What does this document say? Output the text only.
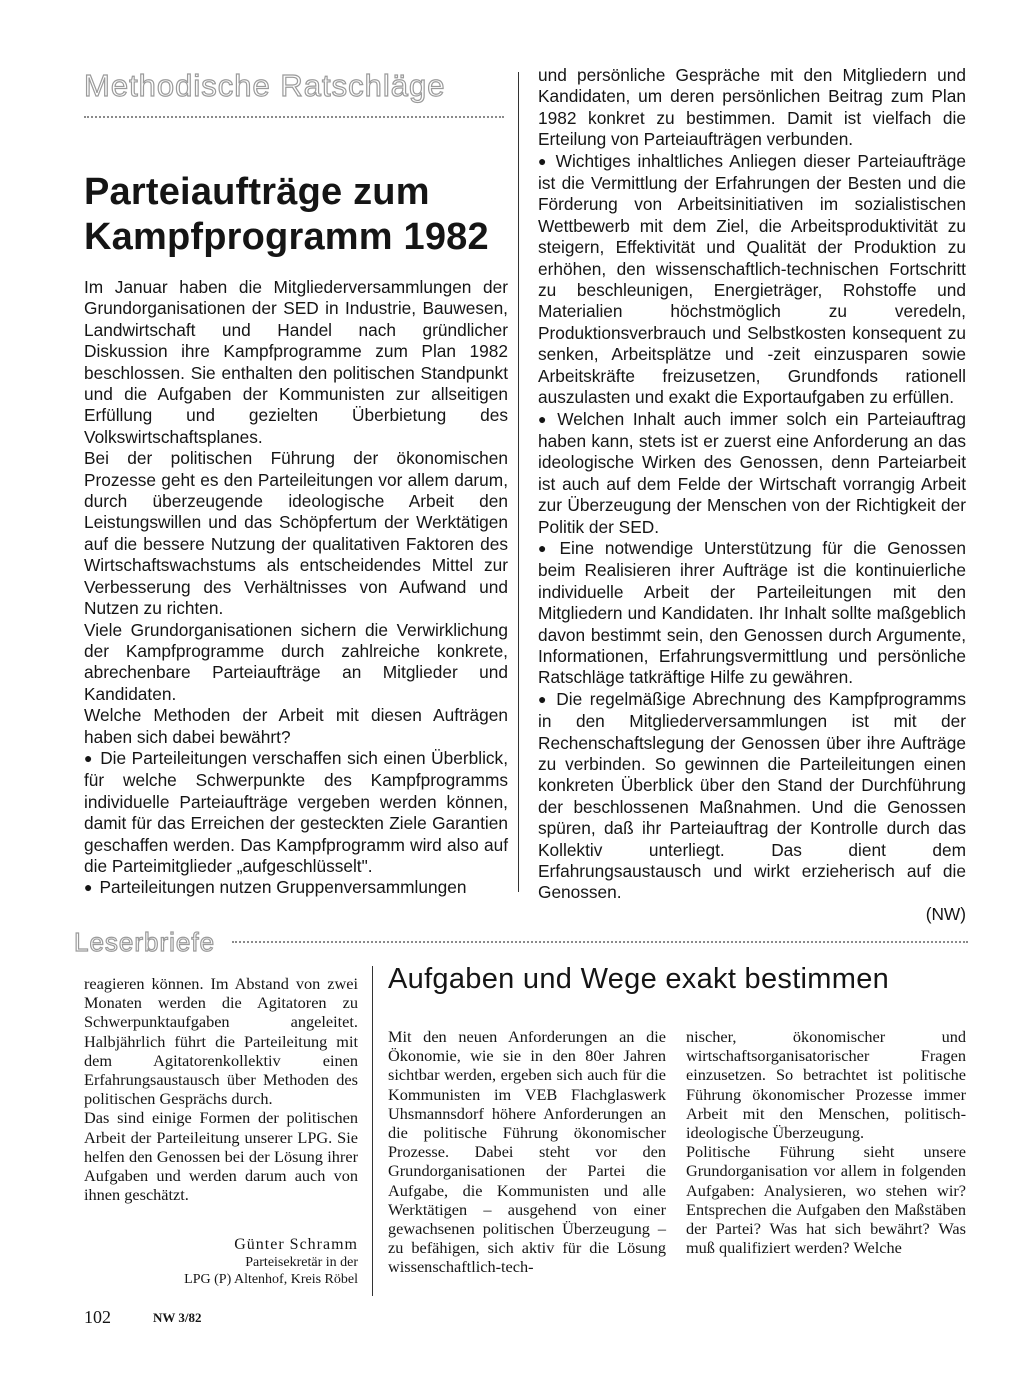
Methodische Ratschläge
Parteiaufträge zum
Kampfprogramm 1982

Im Januar haben die Mitgliederversammlungen der Grundorganisationen der SED in Industrie, Bauwesen, Landwirtschaft und Handel nach gründlicher Diskussion ihre Kampfprogramme zum Plan 1982 beschlossen. Sie enthalten den politischen Standpunkt und die Aufgaben der Kommunisten zur allseitigen Erfüllung und gezielten Überbietung des Volkswirtschaftsplanes.

Bei der politischen Führung der ökonomischen Prozesse geht es den Parteileitungen vor allem darum, durch überzeugende ideologische Arbeit den Leistungswillen und das Schöpfertum der Werktätigen auf die bessere Nutzung der qualitativen Faktoren des Wirtschaftswachstums als entscheidendes Mittel zur Verbesserung des Verhältnisses von Aufwand und Nutzen zu richten.

Viele Grundorganisationen sichern die Verwirklichung der Kampfprogramme durch zahlreiche konkrete, abrechenbare Parteiaufträge an Mitglieder und Kandidaten.

Welche Methoden der Arbeit mit diesen Aufträgen haben sich dabei bewährt?

● Die Parteileitungen verschaffen sich einen Überblick, für welche Schwerpunkte des Kampfprogramms individuelle Parteiaufträge vergeben werden können, damit für das Erreichen der gesteckten Ziele Garantien geschaffen werden. Das Kampfprogramm wird also auf die Parteimitglieder „aufgeschlüsselt".

● Parteileitungen nutzen Gruppenversammlungen

und persönliche Gespräche mit den Mitgliedern und Kandidaten, um deren persönlichen Beitrag zum Plan 1982 konkret zu bestimmen. Damit ist vielfach die Erteilung von Parteiaufträgen verbunden.

● Wichtiges inhaltliches Anliegen dieser Parteiaufträge ist die Vermittlung der Erfahrungen der Besten und die Förderung von Arbeitsinitiativen im sozialistischen Wettbewerb mit dem Ziel, die Arbeitsproduktivität zu steigern, Effektivität und Qualität der Produktion zu erhöhen, den wissenschaftlich-technischen Fortschritt zu beschleunigen, Energieträger, Rohstoffe und Materialien höchstmöglich zu veredeln, Produktionsverbrauch und Selbstkosten konsequent zu senken, Arbeitsplätze und -zeit einzusparen sowie Arbeitskräfte freizusetzen, Grundfonds rationell auszulasten und exakt die Exportaufgaben zu erfüllen.

● Welchen Inhalt auch immer solch ein Parteiauftrag haben kann, stets ist er zuerst eine Anforderung an das ideologische Wirken des Genossen, denn Parteiarbeit ist auch auf dem Felde der Wirtschaft vorrangig Arbeit zur Überzeugung der Menschen von der Richtigkeit der Politik der SED.

● Eine notwendige Unterstützung für die Genossen beim Realisieren ihrer Aufträge ist die kontinuierliche individuelle Arbeit der Parteileitungen mit den Mitgliedern und Kandidaten. Ihr Inhalt sollte maßgeblich davon bestimmt sein, den Genossen durch Argumente, Informationen, Erfahrungsvermittlung und persönliche Ratschläge tatkräftige Hilfe zu gewähren.

● Die regelmäßige Abrechnung des Kampfprogramms in den Mitgliederversammlungen ist mit der Rechenschaftslegung der Genossen über ihre Aufträge zu verbinden. So gewinnen die Parteileitungen einen konkreten Überblick über den Stand der Durchführung der beschlossenen Maßnahmen. Und die Genossen spüren, daß ihr Parteiauftrag der Kontrolle durch das Kollektiv unterliegt. Das dient dem Erfahrungsaustausch und wirkt erzieherisch auf die Genossen.

(NW)
Leserbriefe

reagieren können. Im Abstand von zwei Monaten werden die Agitatoren zu Schwerpunktaufgaben angeleitet. Halbjährlich führt die Parteileitung mit dem Agitatorenkollektiv einen Erfahrungsaustausch über Methoden des politischen Gesprächs durch.

Das sind einige Formen der politischen Arbeit der Parteileitung unserer LPG. Sie helfen den Genossen bei der Lösung ihrer Aufgaben und werden darum auch von ihnen geschätzt.

Günter Schramm
Parteisekretär in der
LPG (P) Altenhof, Kreis Röbel
Aufgaben und Wege exakt bestimmen

Mit den neuen Anforderungen an die Ökonomie, wie sie in den 80er Jahren sichtbar werden, ergeben sich auch für die Kommunisten im VEB Flachglaswerk Uhsmannsdorf höhere Anforderungen an die politische Führung ökonomischer Prozesse. Dabei steht vor den Grundorganisationen der Partei die Aufgabe, die Kommunisten und alle Werktätigen – ausgehend von einer gewachsenen politischen Überzeugung – zu befähigen, sich aktiv für die Lösung wissenschaftlich-tech-

nischer, ökonomischer und wirtschaftsorganisatorischer Fragen einzusetzen. So betrachtet ist politische Führung ökonomischer Prozesse immer Arbeit mit den Menschen, politisch-ideologische Überzeugung.

Politische Führung sieht unsere Grundorganisation vor allem in folgenden Aufgaben: Analysieren, wo stehen wir? Entsprechen die Aufgaben den Maßstäben der Partei? Was hat sich bewährt? Was muß qualifiziert werden? Welche

102	NW 3/82
